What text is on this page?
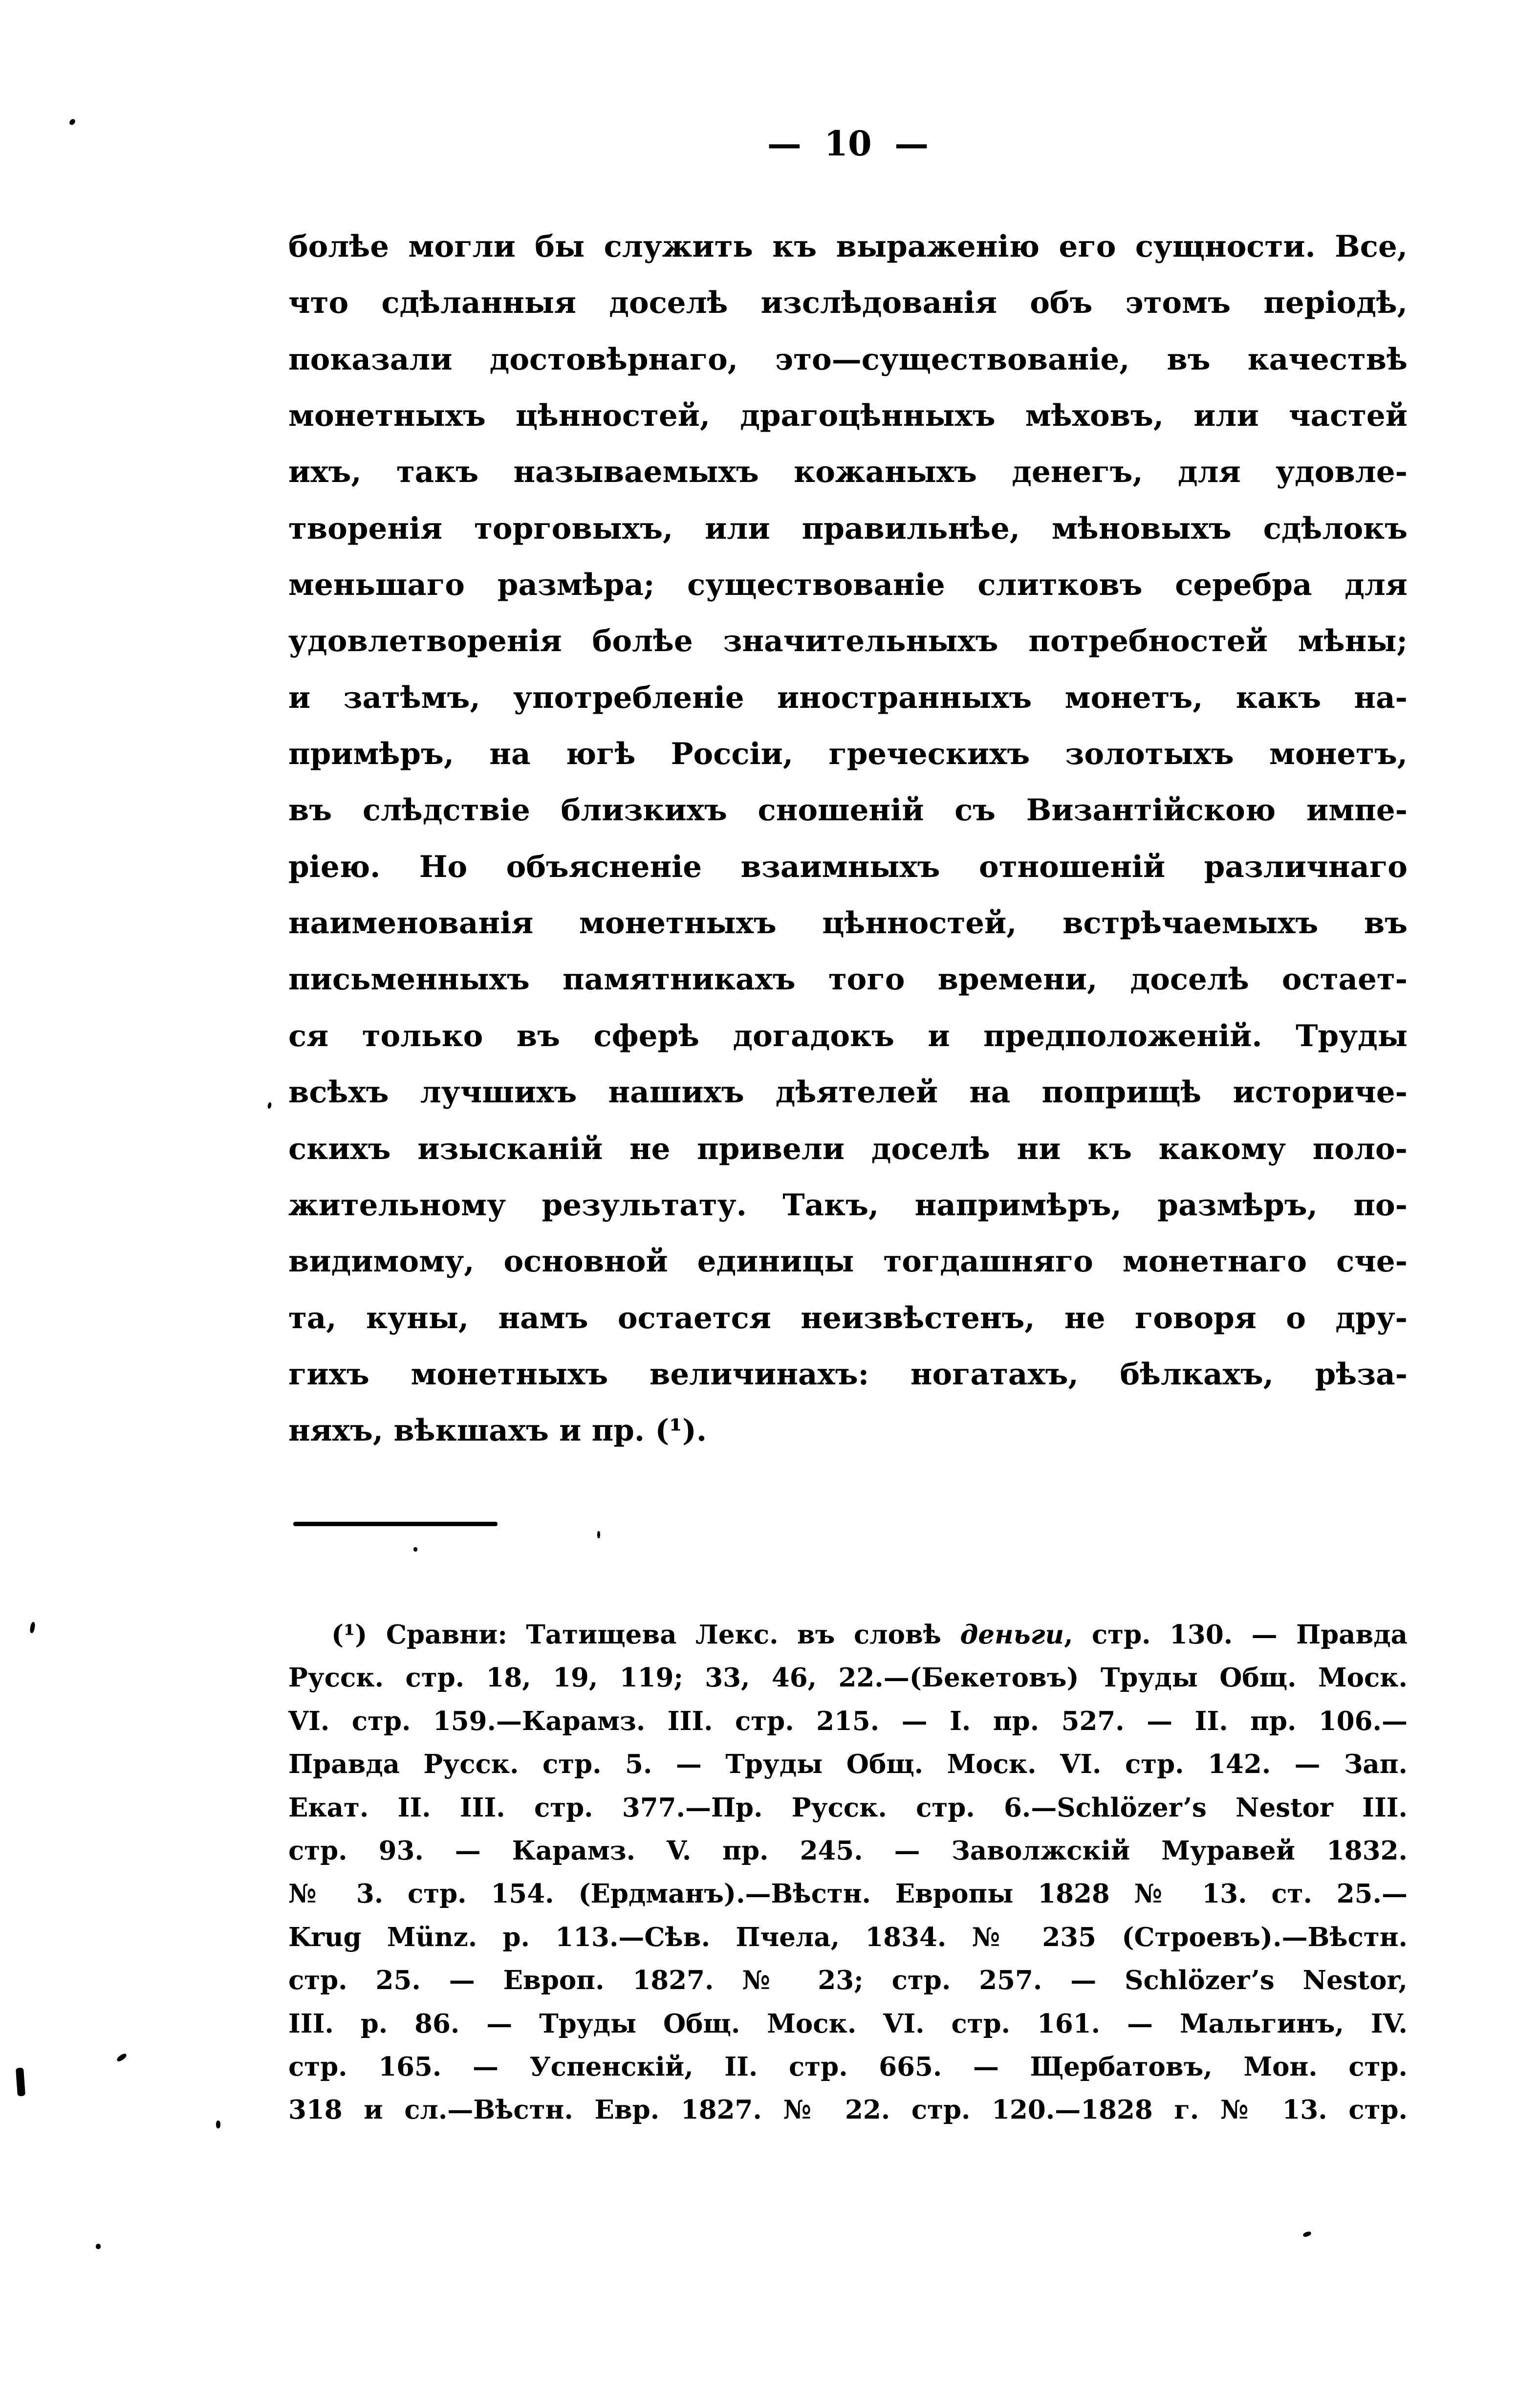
— 10 —
болѣе могли бы служить къ выраженію его сущности. Все,
что сдѣланныя доселѣ изслѣдованія объ этомъ періодѣ,
показали достовѣрнаго, это—существованіе, въ качествѣ
монетныхъ цѣнностей, драгоцѣнныхъ мѣховъ, или частей
ихъ, такъ называемыхъ кожаныхъ денегъ, для удовле-
творенія торговыхъ, или правильнѣе, мѣновыхъ сдѣлокъ
меньшаго размѣра; существованіе слитковъ серебра для
удовлетворенія болѣе значительныхъ потребностей мѣны;
и затѣмъ, употребленіе иностранныхъ монетъ, какъ на-
примѣръ, на югѣ Россіи, греческихъ золотыхъ монетъ,
въ слѣдствіе близкихъ сношеній съ Византійскою импе-
ріею. Но объясненіе взаимныхъ отношеній различнаго
наименованія монетныхъ цѣнностей, встрѣчаемыхъ въ
письменныхъ памятникахъ того времени, доселѣ остает-
ся только въ сферѣ догадокъ и предположеній. Труды
всѣхъ лучшихъ нашихъ дѣятелей на поприщѣ историче-
скихъ изысканій не привели доселѣ ни къ какому поло-
жительному результату. Такъ, напримѣръ, размѣръ, по-
видимому, основной единицы тогдашняго монетнаго сче-
та, куны, намъ остается неизвѣстенъ, не говоря о дру-
гихъ монетныхъ величинахъ: ногатахъ, бѣлкахъ, рѣза-
няхъ, вѣкшахъ и пр. (¹).
(¹) Сравни: Татищева Лекс. въ словѣ деньги, стр. 130. — Правда
Русск. стр. 18, 19, 119; 33, 46, 22.—(Бекетовъ) Труды Общ. Моск.
VI. стр. 159.—Карамз. III. стр. 215. — I. пр. 527. — II. пр. 106.—
Правда Русск. стр. 5. — Труды Общ. Моск. VI. стр. 142. — Зап.
Екат. II. III. стр. 377.—Пр. Русск. стр. 6.—Schlözer’s Nestor III.
стр. 93. — Карамз. V. пр. 245. — Заволжскій Муравей 1832.
№ 3. стр. 154. (Ердманъ).—Вѣстн. Европы 1828 № 13. ст. 25.—
Krug Münz. p. 113.—Сѣв. Пчела, 1834. № 235 (Строевъ).—Вѣстн.
стр. 25. — Европ. 1827. № 23; стр. 257. — Schlözer’s Nestor,
III. p. 86. — Труды Общ. Моск. VI. стр. 161. — Мальгинъ, IV.
стр. 165. — Успенскій, II. стр. 665. — Щербатовъ, Мон. стр.
318 и сл.—Вѣстн. Евр. 1827. № 22. стр. 120.—1828 г. № 13. стр.
